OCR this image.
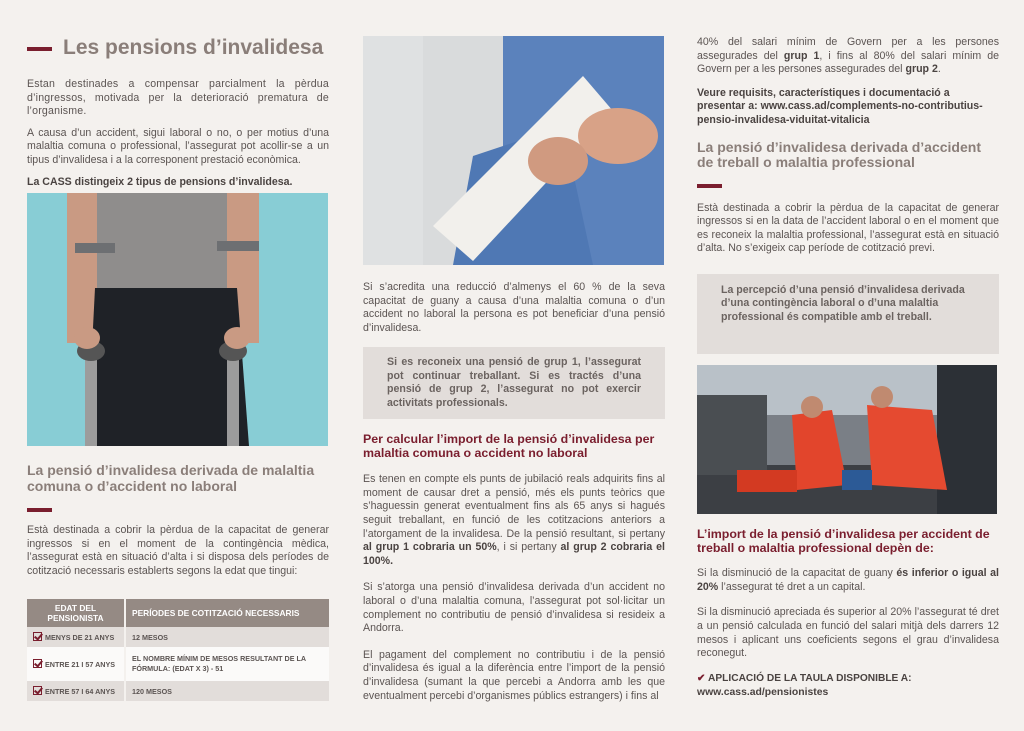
Les pensions d’invalidesa

Estan destinades a compensar parcialment la pèrdua d’ingressos, motivada per la deterioració prematura de l’organisme.

A causa d’un accident, sigui laboral o no, o per motius d’una malaltia comuna o professional, l’assegurat pot acollir-se a un tipus d’invalidesa i a la corresponent prestació econòmica.

La CASS distingeix 2 tipus de pensions d’invalidesa.

La pensió d’invalidesa derivada de malaltia comuna o d’accident no laboral

Està destinada a cobrir la pèrdua de la capacitat de generar ingressos si en el moment de la contingència mèdica, l’assegurat està en situació d’alta i si disposa dels períodes de cotització necessaris establerts segons la edat que tingui:

EDAT DEL PENSIONISTA	PERÍODES DE COTITZACIÓ NECESSARIS
MENYS DE 21 ANYS	12 MESOS
ENTRE 21 I 57 ANYS	EL NOMBRE MÍNIM DE MESOS RESULTANT DE LA FÓRMULA: (EDAT X 3) - 51
ENTRE 57 I 64 ANYS	120 MESOS

Si s’acredita una reducció d’almenys el 60 % de la seva capacitat de guany a causa d’una malaltia comuna o d’un accident no laboral la persona es pot beneficiar d’una pensió d’invalidesa.

Si es reconeix una pensió de grup 1, l’assegurat pot continuar treballant. Si es tractés d’una pensió de grup 2, l’assegurat no pot exercir activitats professionals.
Per calcular l’import de la pensió d’invalidesa per malaltia comuna o accident no laboral

Es tenen en compte els punts de jubilació reals adquirits fins al moment de causar dret a pensió, més els punts teòrics que s’haguessin generat eventualment fins als 65 anys si hagués seguit treballant, en funció de les cotitzacions anteriors a l’atorgament de la invalidesa. De la pensió resultant, si pertany al grup 1 cobraria un 50%, i si pertany al grup 2 cobraria el 100%.

Si s’atorga una pensió d’invalidesa derivada d’un accident no laboral o d’una malaltia comuna, l’assegurat pot sol·licitar un complement no contributiu de pensió d’invalidesa si resideix a Andorra.

El pagament del complement no contributiu i de la pensió d’invalidesa és igual a la diferència entre l’import de la pensió d’invalidesa (sumant la que percebi a Andorra amb les que eventualment percebi d’organismes públics estrangers) i fins al

40% del salari mínim de Govern per a les persones assegurades del grup 1, i fins al 80% del salari mínim de Govern per a les persones assegurades del grup 2.

Veure requisits, característiques i documentació a presentar a: www.cass.ad/complements-no-contributius-pensio-invalidesa-viduitat-vitalicia

La pensió d’invalidesa derivada d’accident de treball o malaltia professional

Està destinada a cobrir la pèrdua de la capacitat de generar ingressos si en la data de l’accident laboral o en el moment que es reconeix la malaltia professional, l’assegurat està en situació d’alta. No s’exigeix cap període de cotització previ.

La percepció d’una pensió d’invalidesa derivada d’una contingència laboral o d’una malaltia professional és compatible amb el treball.
L’import de la pensió d’invalidesa per accident de treball o malaltia professional depèn de:

Si la disminució de la capacitat de guany és inferior o igual al 20% l’assegurat té dret a un capital.

Si la disminució apreciada és superior al 20% l’assegurat té dret a un pensió calculada en funció del salari mitjà dels darrers 12 mesos i aplicant uns coeficients segons el grau d’invalidesa reconegut.

✔ APLICACIÓ DE LA TAULA DISPONIBLE A:

www.cass.ad/pensionistes
